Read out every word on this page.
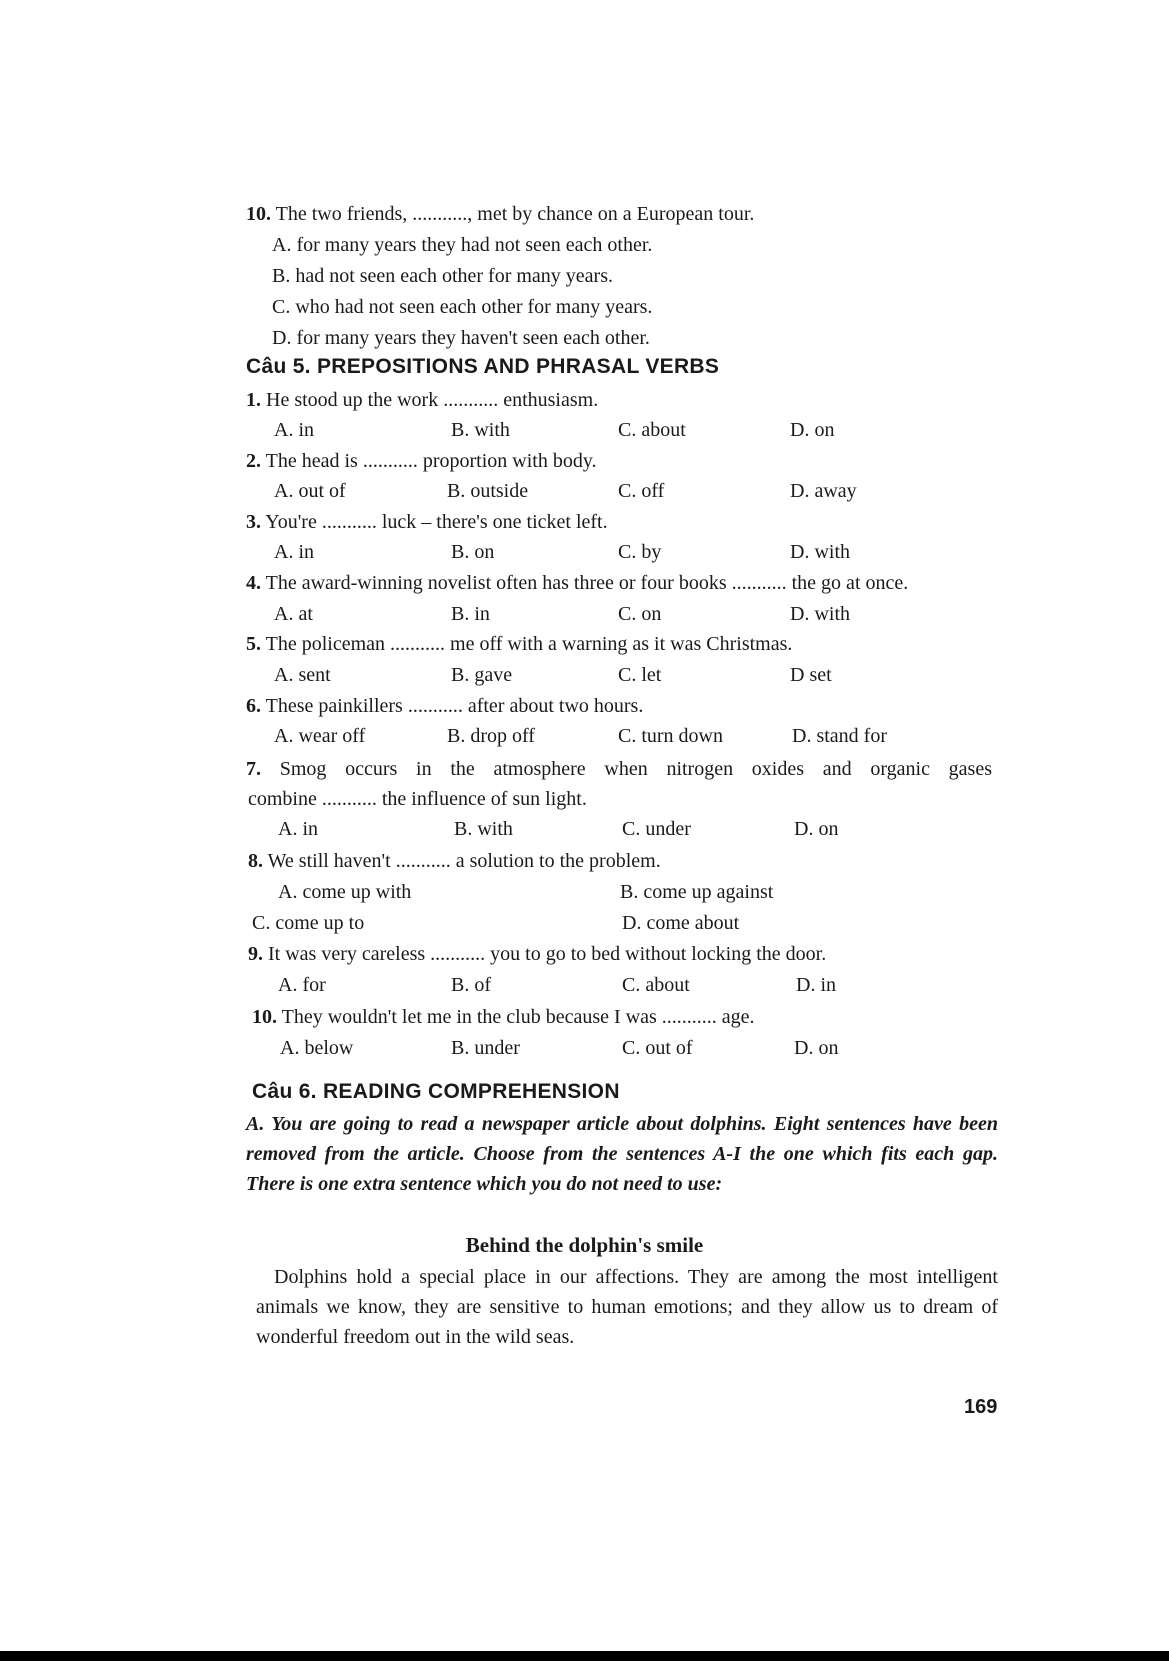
10. The two friends, ..........., met by chance on a European tour.
A. for many years they had not seen each other.
B. had not seen each other for many years.
C. who had not seen each other for many years.
D. for many years they haven't seen each other.
Câu 5. PREPOSITIONS AND PHRASAL VERBS
1. He stood up the work ........... enthusiasm.
A. in	B. with	C. about	D. on
2. The head is ........... proportion with body.
A. out of	B. outside	C. off	D. away
3. You're ........... luck – there's one ticket left.
A. in	B. on	C. by	D. with
4. The award-winning novelist often has three or four books ........... the go at once.
A. at	B. in	C. on	D. with
5. The policeman ........... me off with a warning as it was Christmas.
A. sent	B. gave	C. let	D set
6. These painkillers ........... after about two hours.
A. wear off	B. drop off	C. turn down	D. stand for
7. Smog occurs in the atmosphere when nitrogen oxides and organic gases
combine ........... the influence of sun light.
A. in	B. with	C. under	D. on
8. We still haven't ........... a solution to the problem.
A. come up with	B. come up against
C. come up to	D. come about
9. It was very careless ........... you to go to bed without locking the door.
A. for	B. of	C. about	D. in
10. They wouldn't let me in the club because I was ........... age.
A. below	B. under	C. out of	D. on
Câu 6. READING COMPREHENSION
A. You are going to read a newspaper article about dolphins. Eight sentences have been removed from the article. Choose from the sentences A-I the one which fits each gap. There is one extra sentence which you do not need to use:
Behind the dolphin's smile
Dolphins hold a special place in our affections. They are among the most intelligent animals we know, they are sensitive to human emotions; and they allow us to dream of wonderful freedom out in the wild seas.
169
